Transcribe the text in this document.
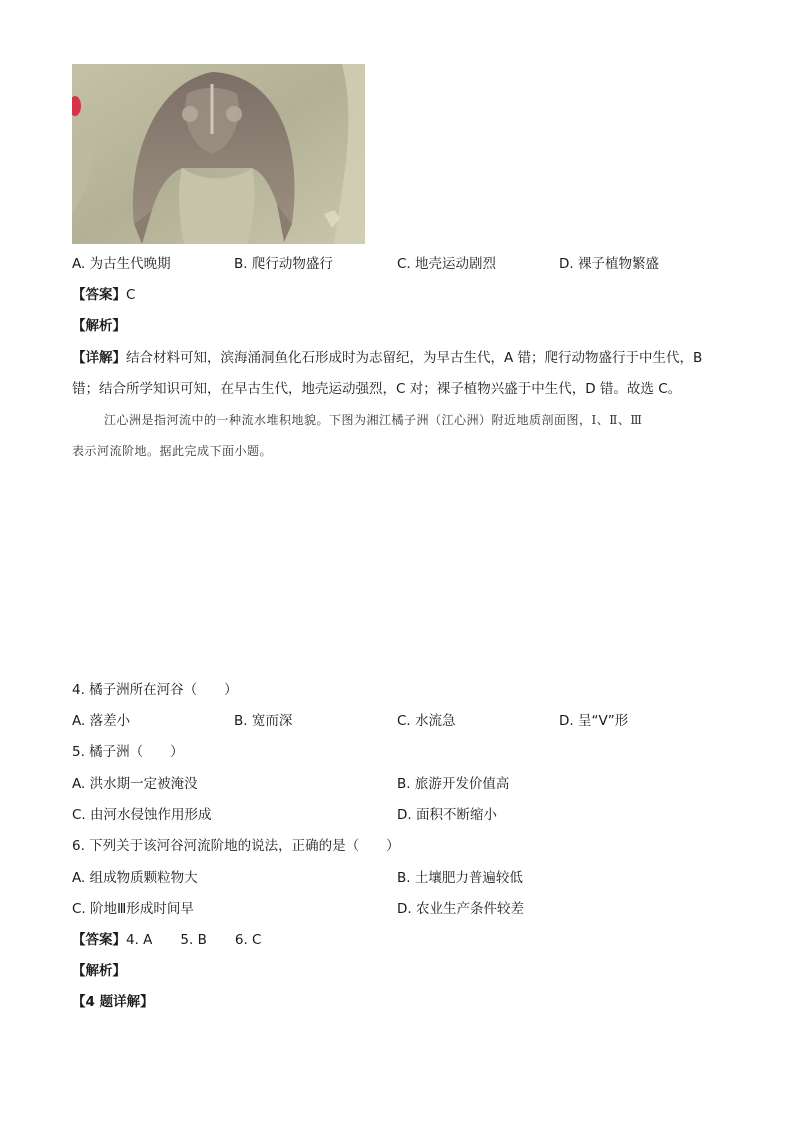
A. 为古生代晚期	B. 爬行动物盛行	C. 地壳运动剧烈	D. 裸子植物繁盛
【答案】C
【解析】
【详解】结合材料可知，滨海涌洞鱼化石形成时为志留纪，为早古生代，A 错；爬行动物盛行于中生代，B
错；结合所学知识可知，在早古生代，地壳运动强烈，C 对；裸子植物兴盛于中生代，D 错。故选 C。
江心洲是指河流中的一种流水堆积地貌。下图为湘江橘子洲（江心洲）附近地质剖面图，Ⅰ、Ⅱ、Ⅲ
表示河流阶地。据此完成下面小题。
4. 橘子洲所在河谷（　　）
A. 落差小	B. 宽而深	C. 水流急	D. 呈“V”形
5. 橘子洲（　　）
A. 洪水期一定被淹没	B. 旅游开发价值高
C. 由河水侵蚀作用形成	D. 面积不断缩小
6. 下列关于该河谷河流阶地的说法，正确的是（　　）
A. 组成物质颗粒物大	B. 土壤肥力普遍较低
C. 阶地Ⅲ形成时间早	D. 农业生产条件较差
【答案】4. A 5. B 6. C
【解析】
【4 题详解】
